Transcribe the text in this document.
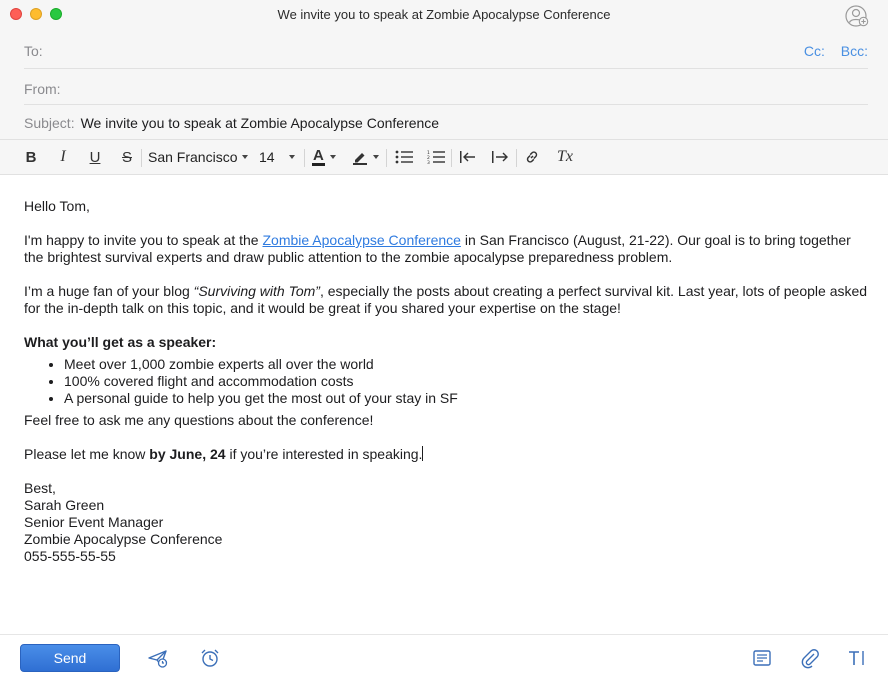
We invite you to speak at Zombie Apocalypse Conference
To:	Cc: Bcc:
From:
Subject: We invite you to speak at Zombie Apocalypse Conference
B	I	U S San Francisco 14	A	1
2
3	Tx

Hello Tom,

I'm happy to invite you to speak at the Zombie Apocalypse Conference in San Francisco (August, 21-22). Our goal is to bring together the brightest survival experts and draw public attention to the zombie apocalypse preparedness problem.

I’m a huge fan of your blog “Surviving with Tom”, especially the posts about creating a perfect survival kit. Last year, lots of people asked for the in-depth talk on this topic, and it would be great if you shared your expertise on the stage!

What you’ll get as a speaker:

• Meet over 1,000 zombie experts all over the world
• 100% covered flight and accommodation costs
• A personal guide to help you get the most out of your stay in SF

Feel free to ask me any questions about the conference!

Please let me know by June, 24 if you’re interested in speaking.

Best,

Sarah Green

Senior Event Manager

Zombie Apocalypse Conference

055-555-55-55

Send
